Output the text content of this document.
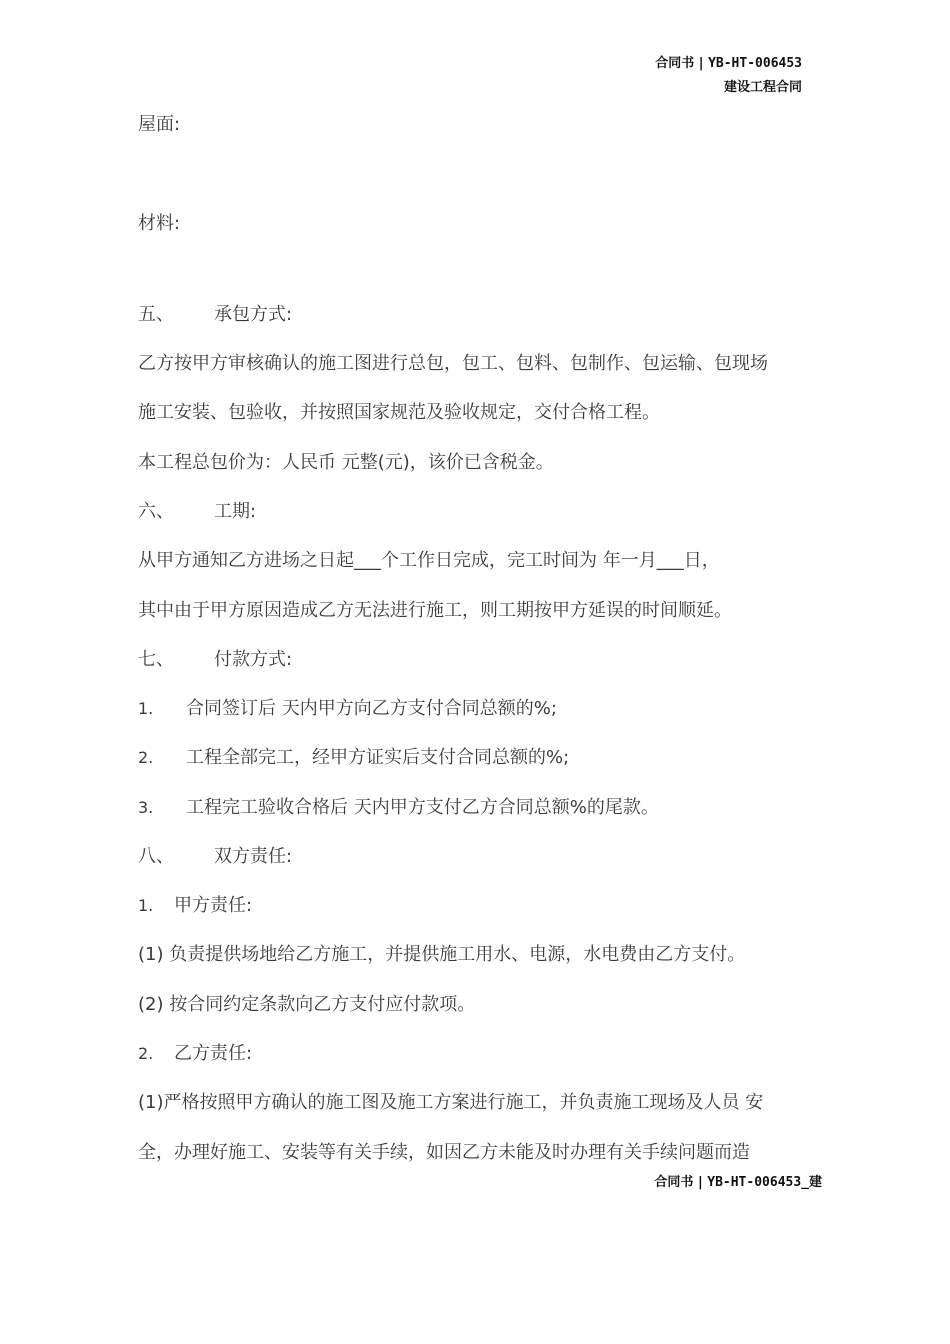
合同书 | YB-HT-006453
建设工程合同
屋面:
材料:
五、 承包方式:
乙方按甲方审核确认的施工图进行总包，包工、包料、包制作、包运输、包现场
施工安装、包验收，并按照国家规范及验收规定，交付合格工程。
本工程总包价为：人民币 元整(元)，该价已含税金。
六、 工期:
从甲方通知乙方进场之日起___个工作日完成，完工时间为 年一月___日，
其中由于甲方原因造成乙方无法进行施工，则工期按甲方延误的时间顺延。
七、 付款方式:
1. 合同签订后 天内甲方向乙方支付合同总额的%;
2. 工程全部完工，经甲方证实后支付合同总额的%;
3. 工程完工验收合格后 天内甲方支付乙方合同总额%的尾款。
八、 双方责任:
1. 甲方责任:
(1) 负责提供场地给乙方施工，并提供施工用水、电源，水电费由乙方支付。
(2) 按合同约定条款向乙方支付应付款项。
2. 乙方责任:
(1)严格按照甲方确认的施工图及施工方案进行施工，并负责施工现场及人员 安
全，办理好施工、安装等有关手续，如因乙方未能及时办理有关手续问题而造
合同书 | YB-HT-006453_建
